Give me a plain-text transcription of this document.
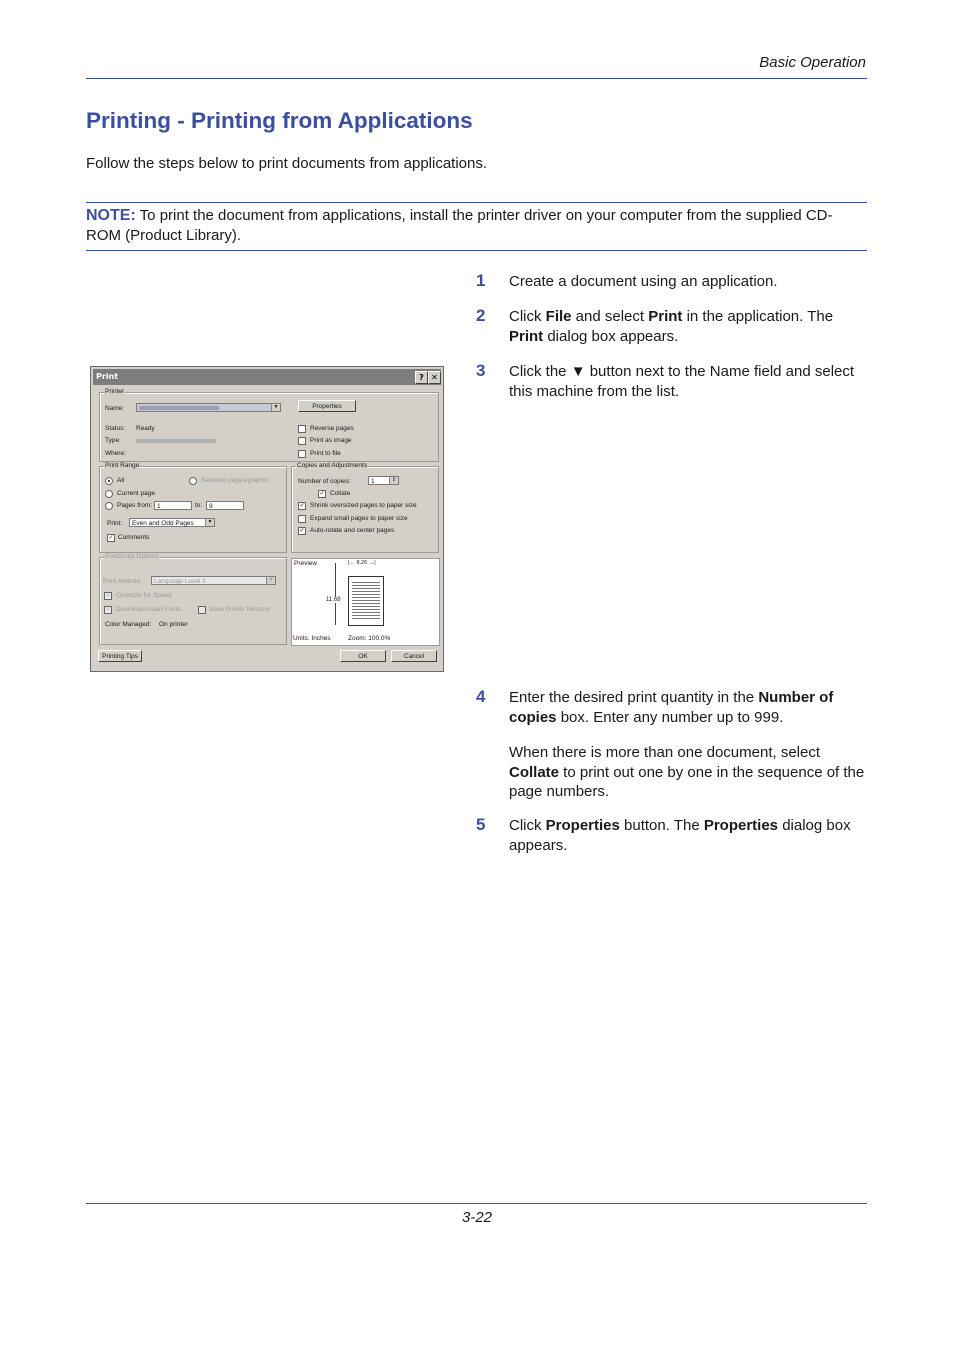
Basic Operation
Printing - Printing from Applications
Follow the steps below to print documents from applications.
NOTE: To print the document from applications, install the printer driver on your computer from the supplied CD-ROM (Product Library).
1 Create a document using an application.
2 Click File and select Print in the application. The Print dialog box appears.
3 Click the ▼ button next to the Name field and select this machine from the list.
4 Enter the desired print quantity in the Number of copies box. Enter any number up to 999.
When there is more than one document, select Collate to print out one by one in the sequence of the page numbers.
5 Click Properties button. The Properties dialog box appears.
Print	? ✕
Printer
Name:	▼	Properties
Status: Ready
Type:
Where:
Reverse pages
Print as image
Print to file
Print Range
All	Selected pages/graphic
Current page
Pages from: 1	to:	9
Print:	Even and Odd Pages	▼
✓ Comments
Copies and Adjustments
Number of copies:	1	⇕
✓ Collate
✓ Shrink oversized pages to paper size
Expand small pages to paper size
✓ Auto-rotate and center pages
PostScript Options
Print Method:	Language Level 3	▼
✓ Optimize for Speed
✓ Download Asian Fonts	Save Printer Memory
Color Managed: On printer
Preview	|← 8.26 →|
11.68
Units: Inches	Zoom: 100.0%
Printing Tips	OK	Cancel
3-22
